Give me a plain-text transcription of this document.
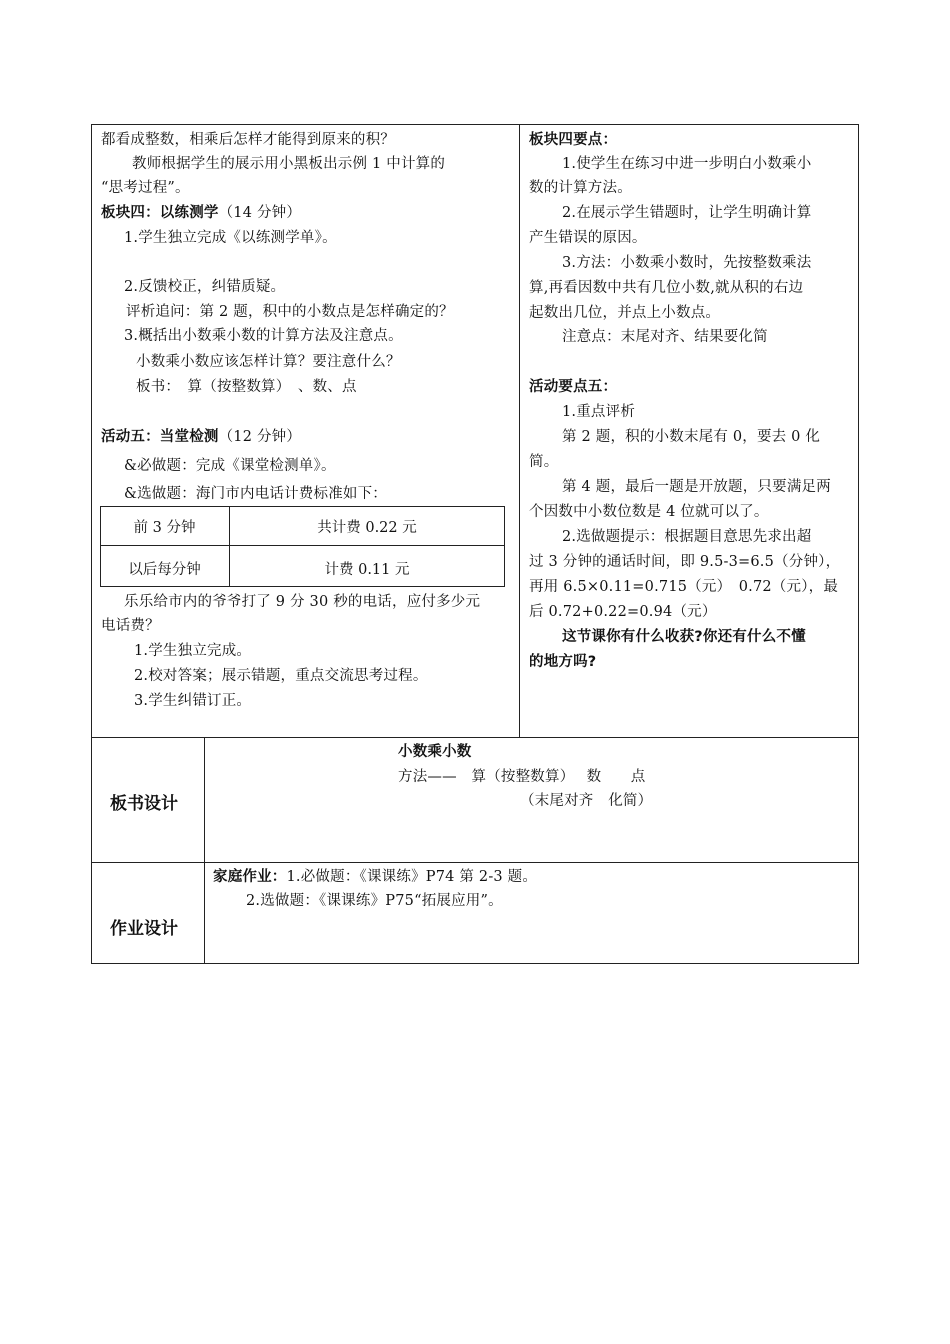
都看成整数，相乘后怎样才能得到原来的积？
教师根据学生的展示用小黑板出示例 1 中计算的
“思考过程”。
板块四：以练测学（14 分钟）
1.学生独立完成《以练测学单》。
2.反馈校正，纠错质疑。
评析追问：第 2 题，积中的小数点是怎样确定的？
3.概括出小数乘小数的计算方法及注意点。
小数乘小数应该怎样计算？要注意什么？
板书：　算（按整数算）　、数、点
活动五：当堂检测（12 分钟）
&必做题：完成《课堂检测单》。
&选做题：海门市内电话计费标准如下：
前 3 分钟	共计费 0.22 元
以后每分钟	计费 0.11 元
乐乐给市内的爷爷打了 9 分 30 秒的电话，应付多少元
电话费？
1.学生独立完成。
2.校对答案；展示错题，重点交流思考过程。
3.学生纠错订正。
板块四要点：
1.使学生在练习中进一步明白小数乘小
数的计算方法。
2.在展示学生错题时，让学生明确计算
产生错误的原因。
3.方法：小数乘小数时，先按整数乘法
算,再看因数中共有几位小数,就从积的右边
起数出几位，并点上小数点。
注意点：末尾对齐、结果要化简
活动要点五：
1.重点评析
第 2 题，积的小数末尾有 0，要去 0 化
简。
第 4 题，最后一题是开放题，只要满足两
个因数中小数位数是 4 位就可以了。
2.选做题提示：根据题目意思先求出超
过 3 分钟的通话时间，即 9.5-3=6.5（分钟），
再用 6.5×0.11=0.715（元）　0.72（元），最
后 0.72+0.22=0.94（元）
这节课你有什么收获?你还有什么不懂
的地方吗?
板书设计
小数乘小数
方法——　算（按整数算）　 数　　点
（末尾对齐　化简）
作业设计
家庭作业：1.必做题：《课课练》P74 第 2-3 题。
2.选做题：《课课练》P75“拓展应用”。
